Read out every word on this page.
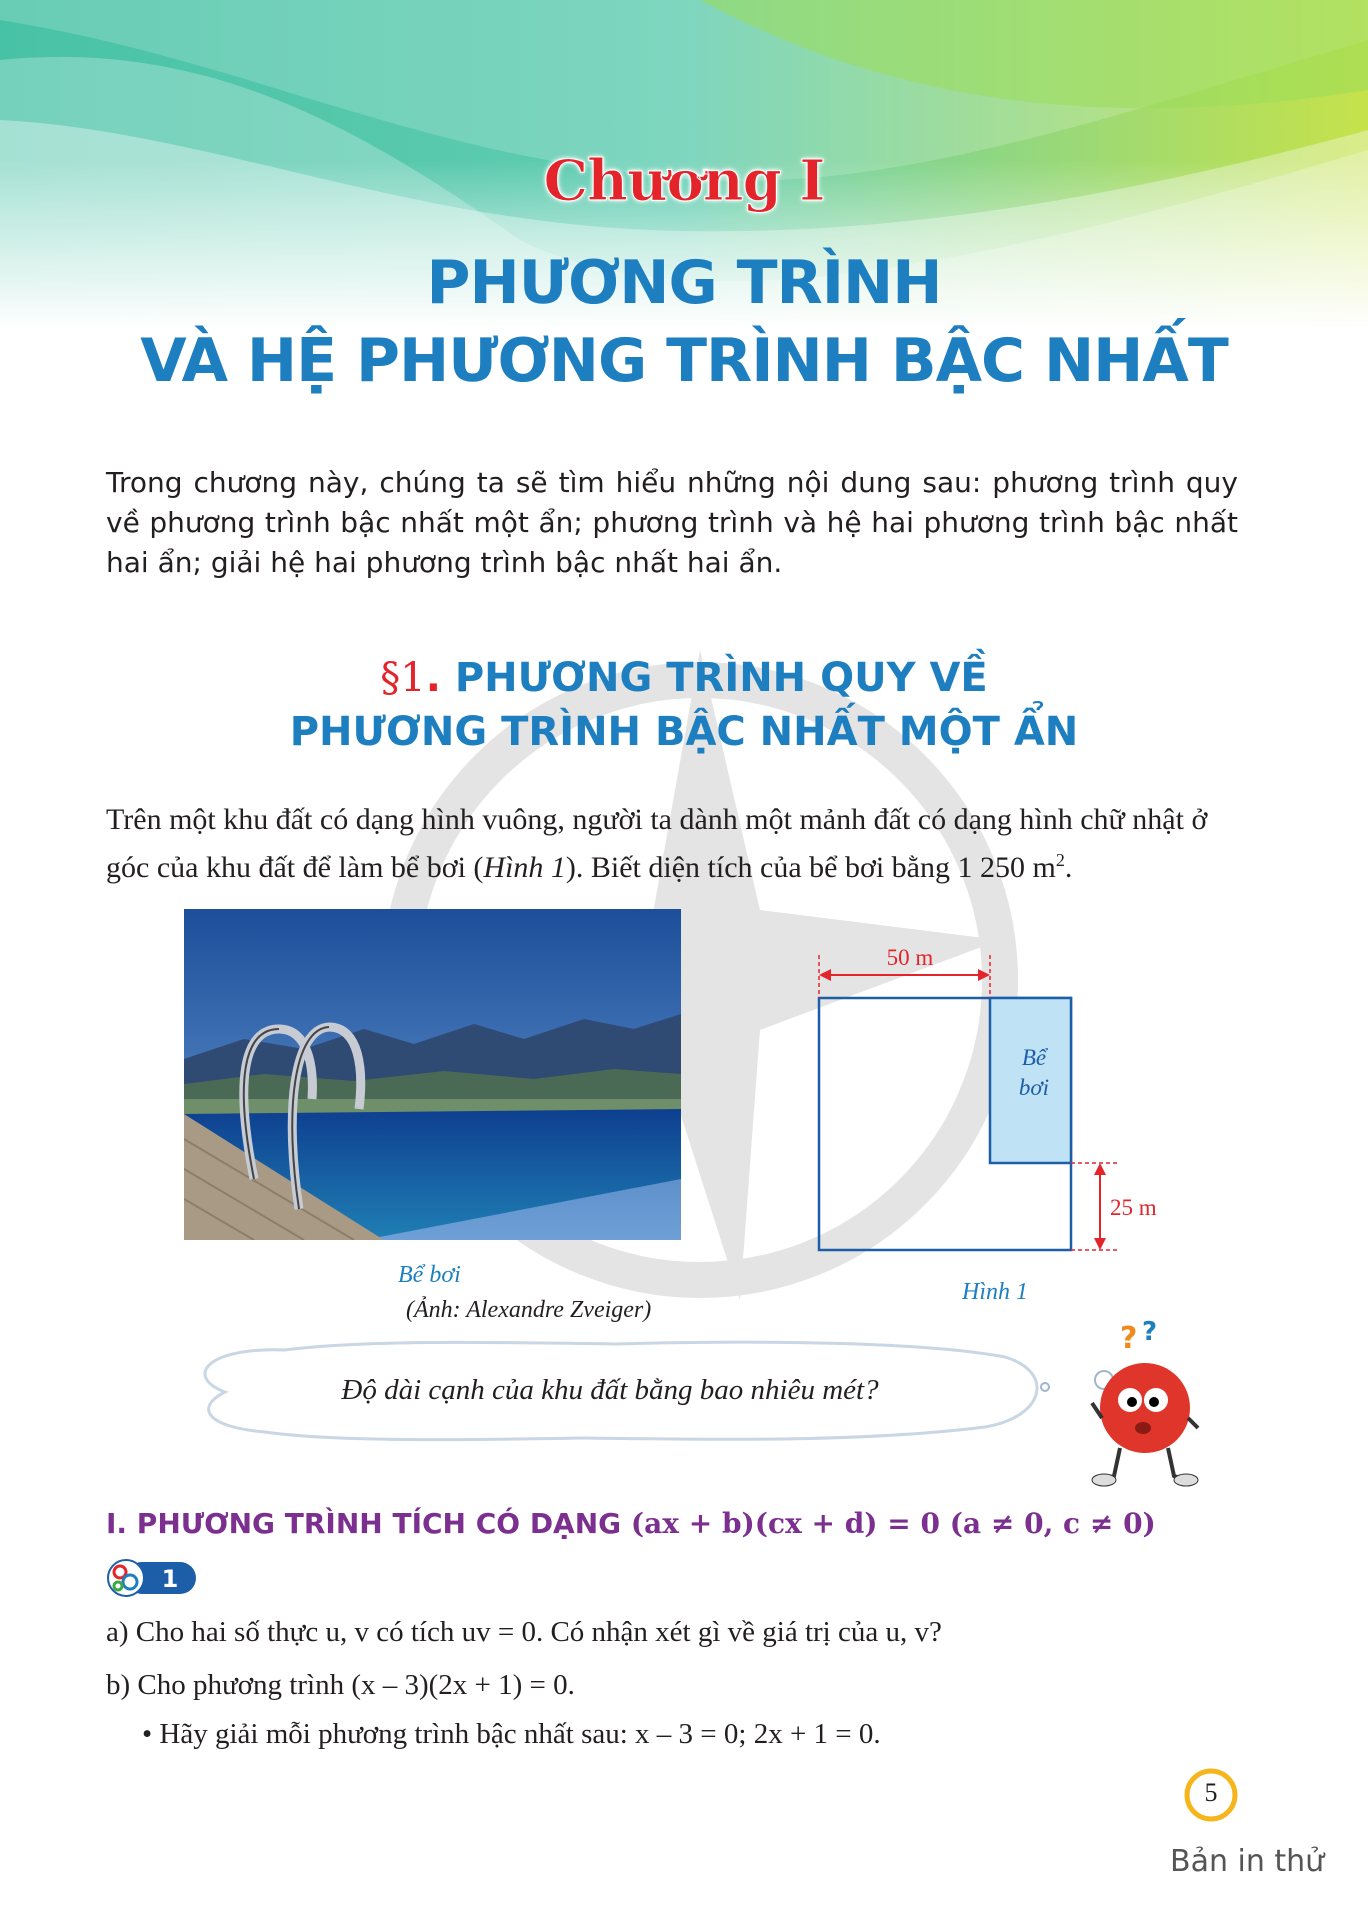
Chương I
PHƯƠNG TRÌNH
VÀ HỆ PHƯƠNG TRÌNH BẬC NHẤT
Trong chương này, chúng ta sẽ tìm hiểu những nội dung sau: phương trình quy về phương trình bậc nhất một ẩn; phương trình và hệ hai phương trình bậc nhất hai ẩn; giải hệ hai phương trình bậc nhất hai ẩn.
§1. PHƯƠNG TRÌNH QUY VỀ
PHƯƠNG TRÌNH BẬC NHẤT MỘT ẨN
Trên một khu đất có dạng hình vuông, người ta dành một mảnh đất có dạng hình chữ nhật ở góc của khu đất để làm bể bơi (Hình 1). Biết diện tích của bể bơi bằng 1 250 $m^2$.
Bể bơi
(Ảnh: Alexandre Zveiger)
50 m
25 m
Bể
bơi
Hình 1
Độ dài cạnh của khu đất bằng bao nhiêu mét?
? ?
I. PHƯƠNG TRÌNH TÍCH CÓ DẠNG (ax + b)(cx + d) = 0 (a ≠ 0, c ≠ 0)
1
a) Cho hai số thực u, v có tích uv = 0. Có nhận xét gì về giá trị của u, v?
b) Cho phương trình (x – 3)(2x + 1) = 0.
• Hãy giải mỗi phương trình bậc nhất sau: x – 3 = 0; 2x + 1 = 0.
5
Bản in thử
